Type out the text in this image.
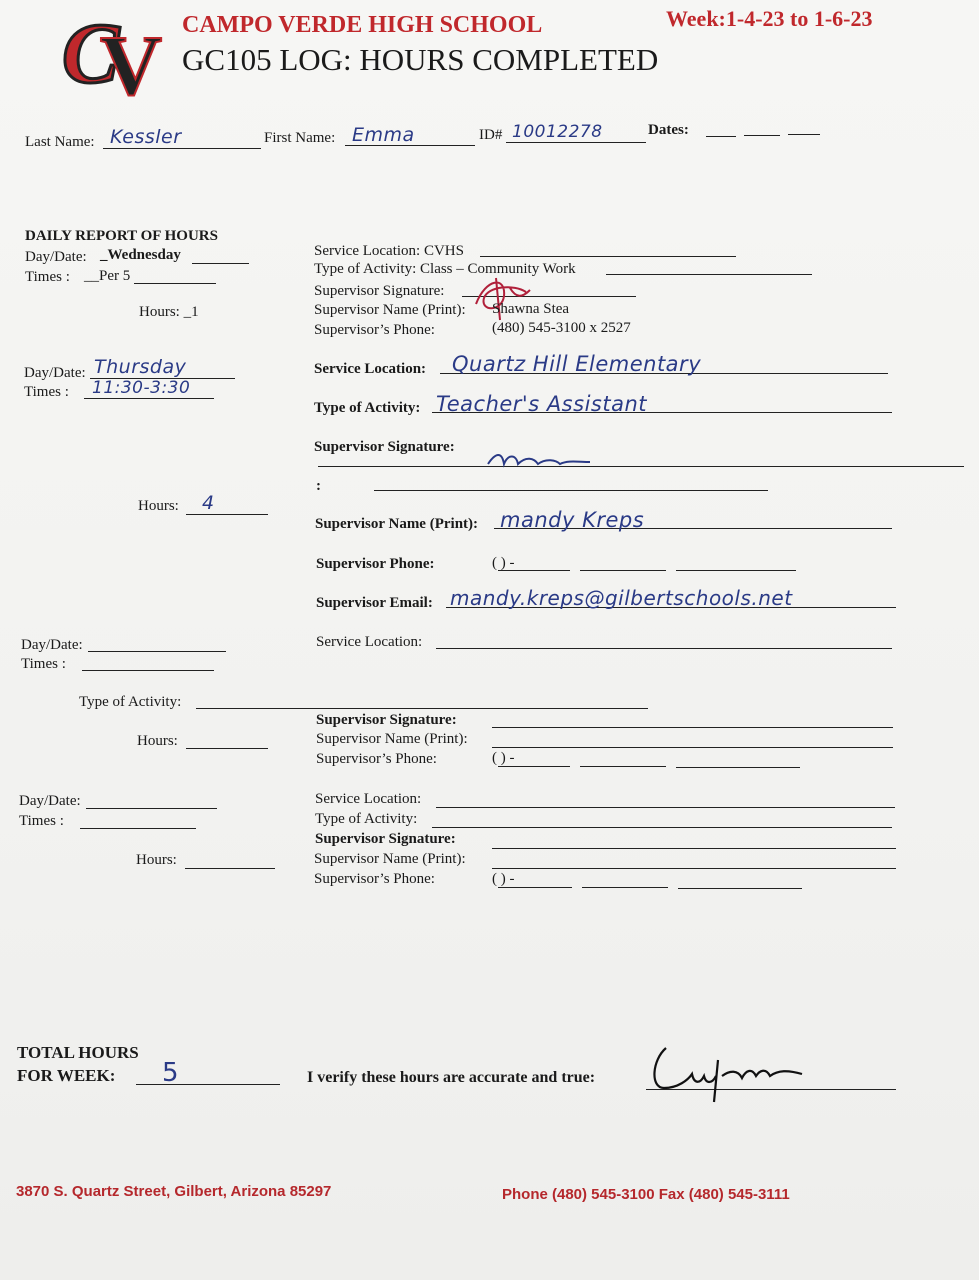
C
V CAMPO VERDE HIGH SCHOOL
GC105 LOG: HOURS COMPLETED
Week:1-4-23 to 1-6-23
Last Name: Kessler	First Name: Emma	ID# 10012278	Dates:
DAILY REPORT OF HOURS
Day/Date: _Wednesday
Times : __Per 5
Hours: _1
Service Location: CVHS
Type of Activity: Class – Community Work
Supervisor Signature:
Supervisor Name (Print): Shawna Stea
Supervisor’s Phone:	(480) 545-3100 x 2527
Day/Date: Thursday
Times : 11:30-3:30
Hours: 4
Service Location: Quartz Hill Elementary
Type of Activity: Teacher's Assistant
Supervisor Signature:
:
Supervisor Name (Print): mandy Kreps
Supervisor Phone:	( ) -
Supervisor Email: mandy.kreps@gilbertschools.net
Day/Date:
Times :
Service Location:
Type of Activity:
Supervisor Signature:
Hours:	Supervisor Name (Print):
Supervisor’s Phone:	( ) -
Day/Date:
Times :
Service Location:
Type of Activity:
Supervisor Signature:
Hours:	Supervisor Name (Print):
Supervisor’s Phone:	( ) -
TOTAL HOURS
FOR WEEK: 5	I verify these hours are accurate and true:
3870 S. Quartz Street, Gilbert, Arizona 85297	Phone (480) 545-3100 Fax (480) 545-3111
